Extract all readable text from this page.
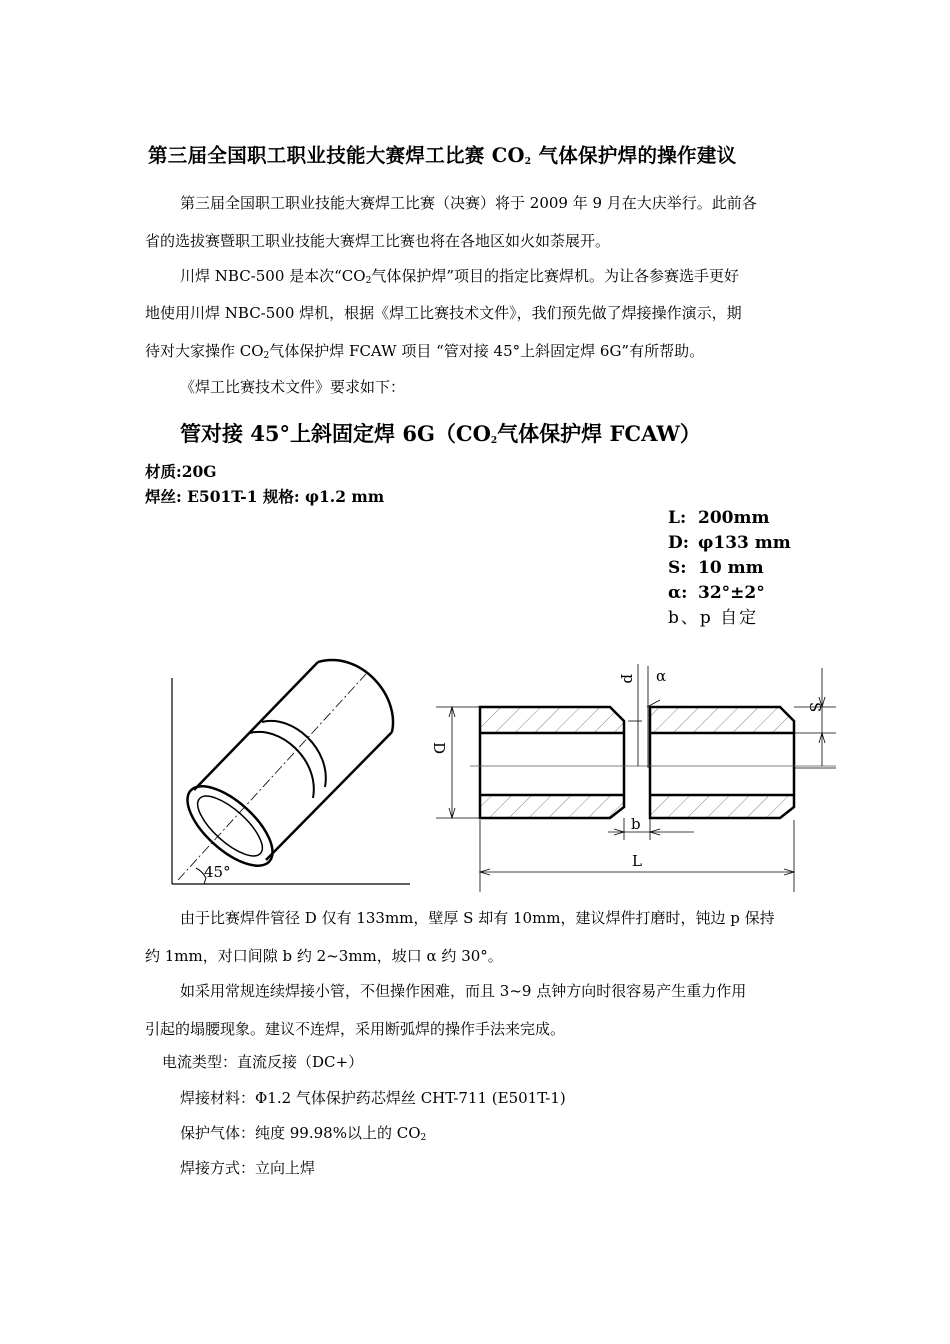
第三届全国职工职业技能大赛焊工比赛 $CO_2$ 气体保护焊的操作建议
第三届全国职工职业技能大赛焊工比赛（决赛）将于 2009 年 9 月在大庆举行。此前各
省的选拔赛暨职工职业技能大赛焊工比赛也将在各地区如火如荼展开。
川焊 NBC-500 是本次“$CO_2$气体保护焊”项目的指定比赛焊机。为让各参赛选手更好
地使用川焊 NBC-500 焊机，根据《焊工比赛技术文件》，我们预先做了焊接操作演示，期
待对大家操作 $CO_2$气体保护焊 FCAW 项目 “管对接 45°上斜固定焊 6G”有所帮助。
《焊工比赛技术文件》要求如下：
管对接 45°上斜固定焊 $6G(CO_2$气体保护焊 FCAW）
材质:20G
焊丝: E501T-1 规格: φ1.2 mm
L: 200mm
D: φ133 mm
S: 10 mm
α: 32°±2°
b、p 自定
45°
p α
S
D
b
L
由于比赛焊件管径 D 仅有 133mm，壁厚 S 却有 10mm，建议焊件打磨时，钝边 p 保持
约 1mm，对口间隙 b 约 2~3mm，坡口 α 约 30°。
如采用常规连续焊接小管，不但操作困难，而且 3~9 点钟方向时很容易产生重力作用
引起的塌腰现象。建议不连焊，采用断弧焊的操作手法来完成。
电流类型：直流反接（DC+）
焊接材料：Φ1.2 气体保护药芯焊丝 CHT-711 (E501T-1)
保护气体：纯度 99.98%以上的 $CO_2$
焊接方式：立向上焊
